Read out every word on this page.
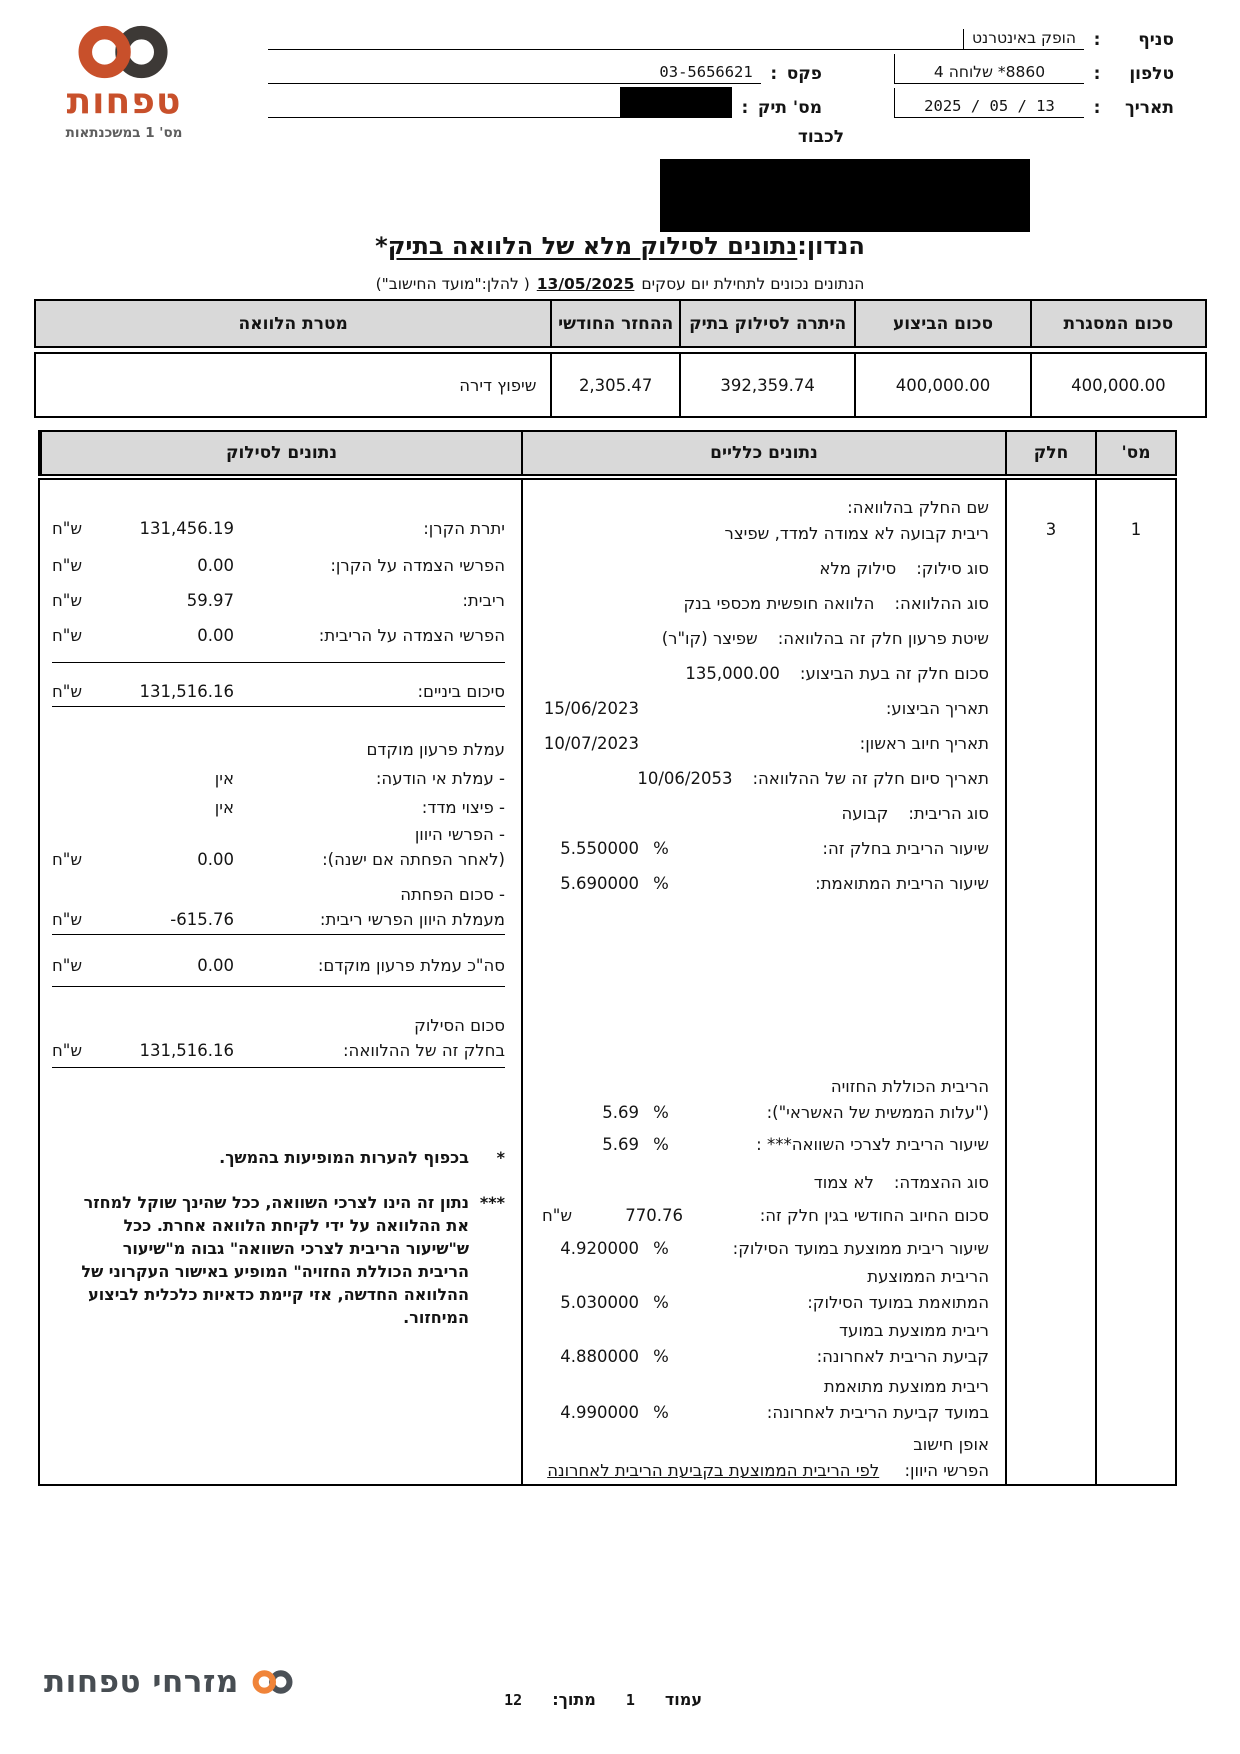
טפחות
מס' 1 במשכנתאות
סניף
:
הופק באינטרנט
טלפון
:
8860* שלוחה 4
פקס
:
03-5656621
תאריך
:
13 / 05 / 2025
מס' תיק
:
לכבוד
הנדון:נתונים לסילוק מלא של הלוואה בתיק*
הנתונים נכונים לתחילת יום עסקים13/05/2025( להלן:"מועד החישוב")
סכום המסגרת
סכום הביצוע
היתרה לסילוק בתיק
ההחזר החודשי
מטרת הלוואה
400,000.00
400,000.00
392,359.74
2,305.47
שיפוץ דירה
מס'
חלק
נתונים כלליים
נתונים לסילוק
1
3
שם החלק בהלוואה:
ריבית קבועה לא צמודה למדד, שפיצר
סוג סילוק:
סילוק מלא
סוג ההלוואה:
הלוואה חופשית מכספי בנק
שיטת פרעון חלק זה בהלוואה:
שפיצר (קו"ר)
סכום חלק זה בעת הביצוע:
135,000.00
תאריך הביצוע:
15/06/2023
תאריך חיוב ראשון:
10/07/2023
תאריך סיום חלק זה של ההלוואה:
10/06/2053
סוג הריבית:
קבועה
שיעור הריבית בחלק זה:
%
5.550000
שיעור הריבית המתואמת:
%
5.690000
הריבית הכוללת החזויה
("עלות הממשית של האשראי"):
%
5.69
שיעור הריבית לצרכי השוואה*** :
%
5.69
סוג ההצמדה:
לא צמוד
סכום החיוב החודשי בגין חלק זה:
770.76
ש"ח
שיעור ריבית ממוצעת במועד הסילוק:
%
4.920000
הריבית הממוצעת
המתואמת במועד הסילוק:
%
5.030000
ריבית ממוצעת במועד
קביעת הריבית לאחרונה:
%
4.880000
ריבית ממוצעת מתואמת
במועד קביעת הריבית לאחרונה:
%
4.990000
אופן חישוב
הפרשי היוון: לפי הריבית הממוצעת בקביעת הריבית לאחרונה
יתרת הקרן:
131,456.19
ש"ח
הפרשי הצמדה על הקרן:
0.00
ש"ח
ריבית:
59.97
ש"ח
הפרשי הצמדה על הריבית:
0.00
ש"ח
סיכום ביניים:
131,516.16
ש"ח
עמלת פרעון מוקדם
- עמלת אי הודעה:
אין
- פיצוי מדד:
אין
- הפרשי היוון
(לאחר הפחתה אם ישנה):
0.00
ש"ח
- סכום הפחתה
מעמלת היוון הפרשי ריבית:
-615.76
ש"ח
סה"כ עמלת פרעון מוקדם:
0.00
ש"ח
סכום הסילוק
בחלק זה של ההלוואה:
131,516.16
ש"ח
*
בכפוף להערות המופיעות בהמשך.
***
נתון זה הינו לצרכי השוואה, ככל שהינך שוקל למחזר את ההלוואה על ידי לקיחת הלוואה אחרת. ככל ש"שיעור הריבית לצרכי השוואה" גבוה מ"שיעור הריבית הכוללת החזויה" המופיע באישור העקרוני של ההלוואה החדשה, אזי קיימת כדאיות כלכלית לביצוע המיחזור.
עמוד
1
מתוך:
12
מזרחי טפחות
